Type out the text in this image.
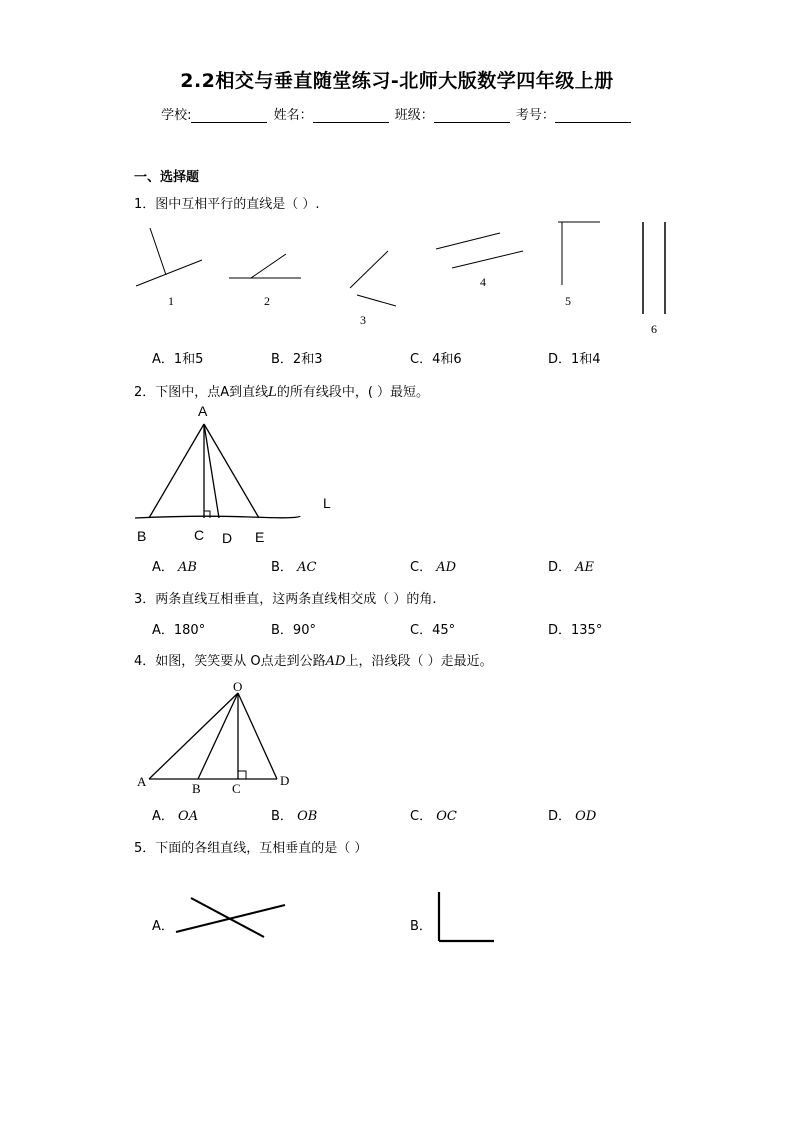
2.2相交与垂直随堂练习-北师大版数学四年级上册
学校:	姓名：	班级：	考号：
一、选择题
1．图中互相平行的直线是（ ）.
1	2
3
4
5
6
A
B	C D E
L
O
A	B C
D
A．1和5	B．2和3	C．4和6	D．1和4
2．下图中，点A到直线L的所有线段中，( ）最短。
A． AB	B． AC	C． AD	D． AE
3．两条直线互相垂直，这两条直线相交成（ ）的角.
A．180°	B．90°	C．45°	D．135°
4．如图，笑笑要从 O点走到公路AD上，沿线段（ ）走最近。
A． OA	B． OB	C． OC	D． OD
5．下面的各组直线，互相垂直的是（ ）
A．	B．
